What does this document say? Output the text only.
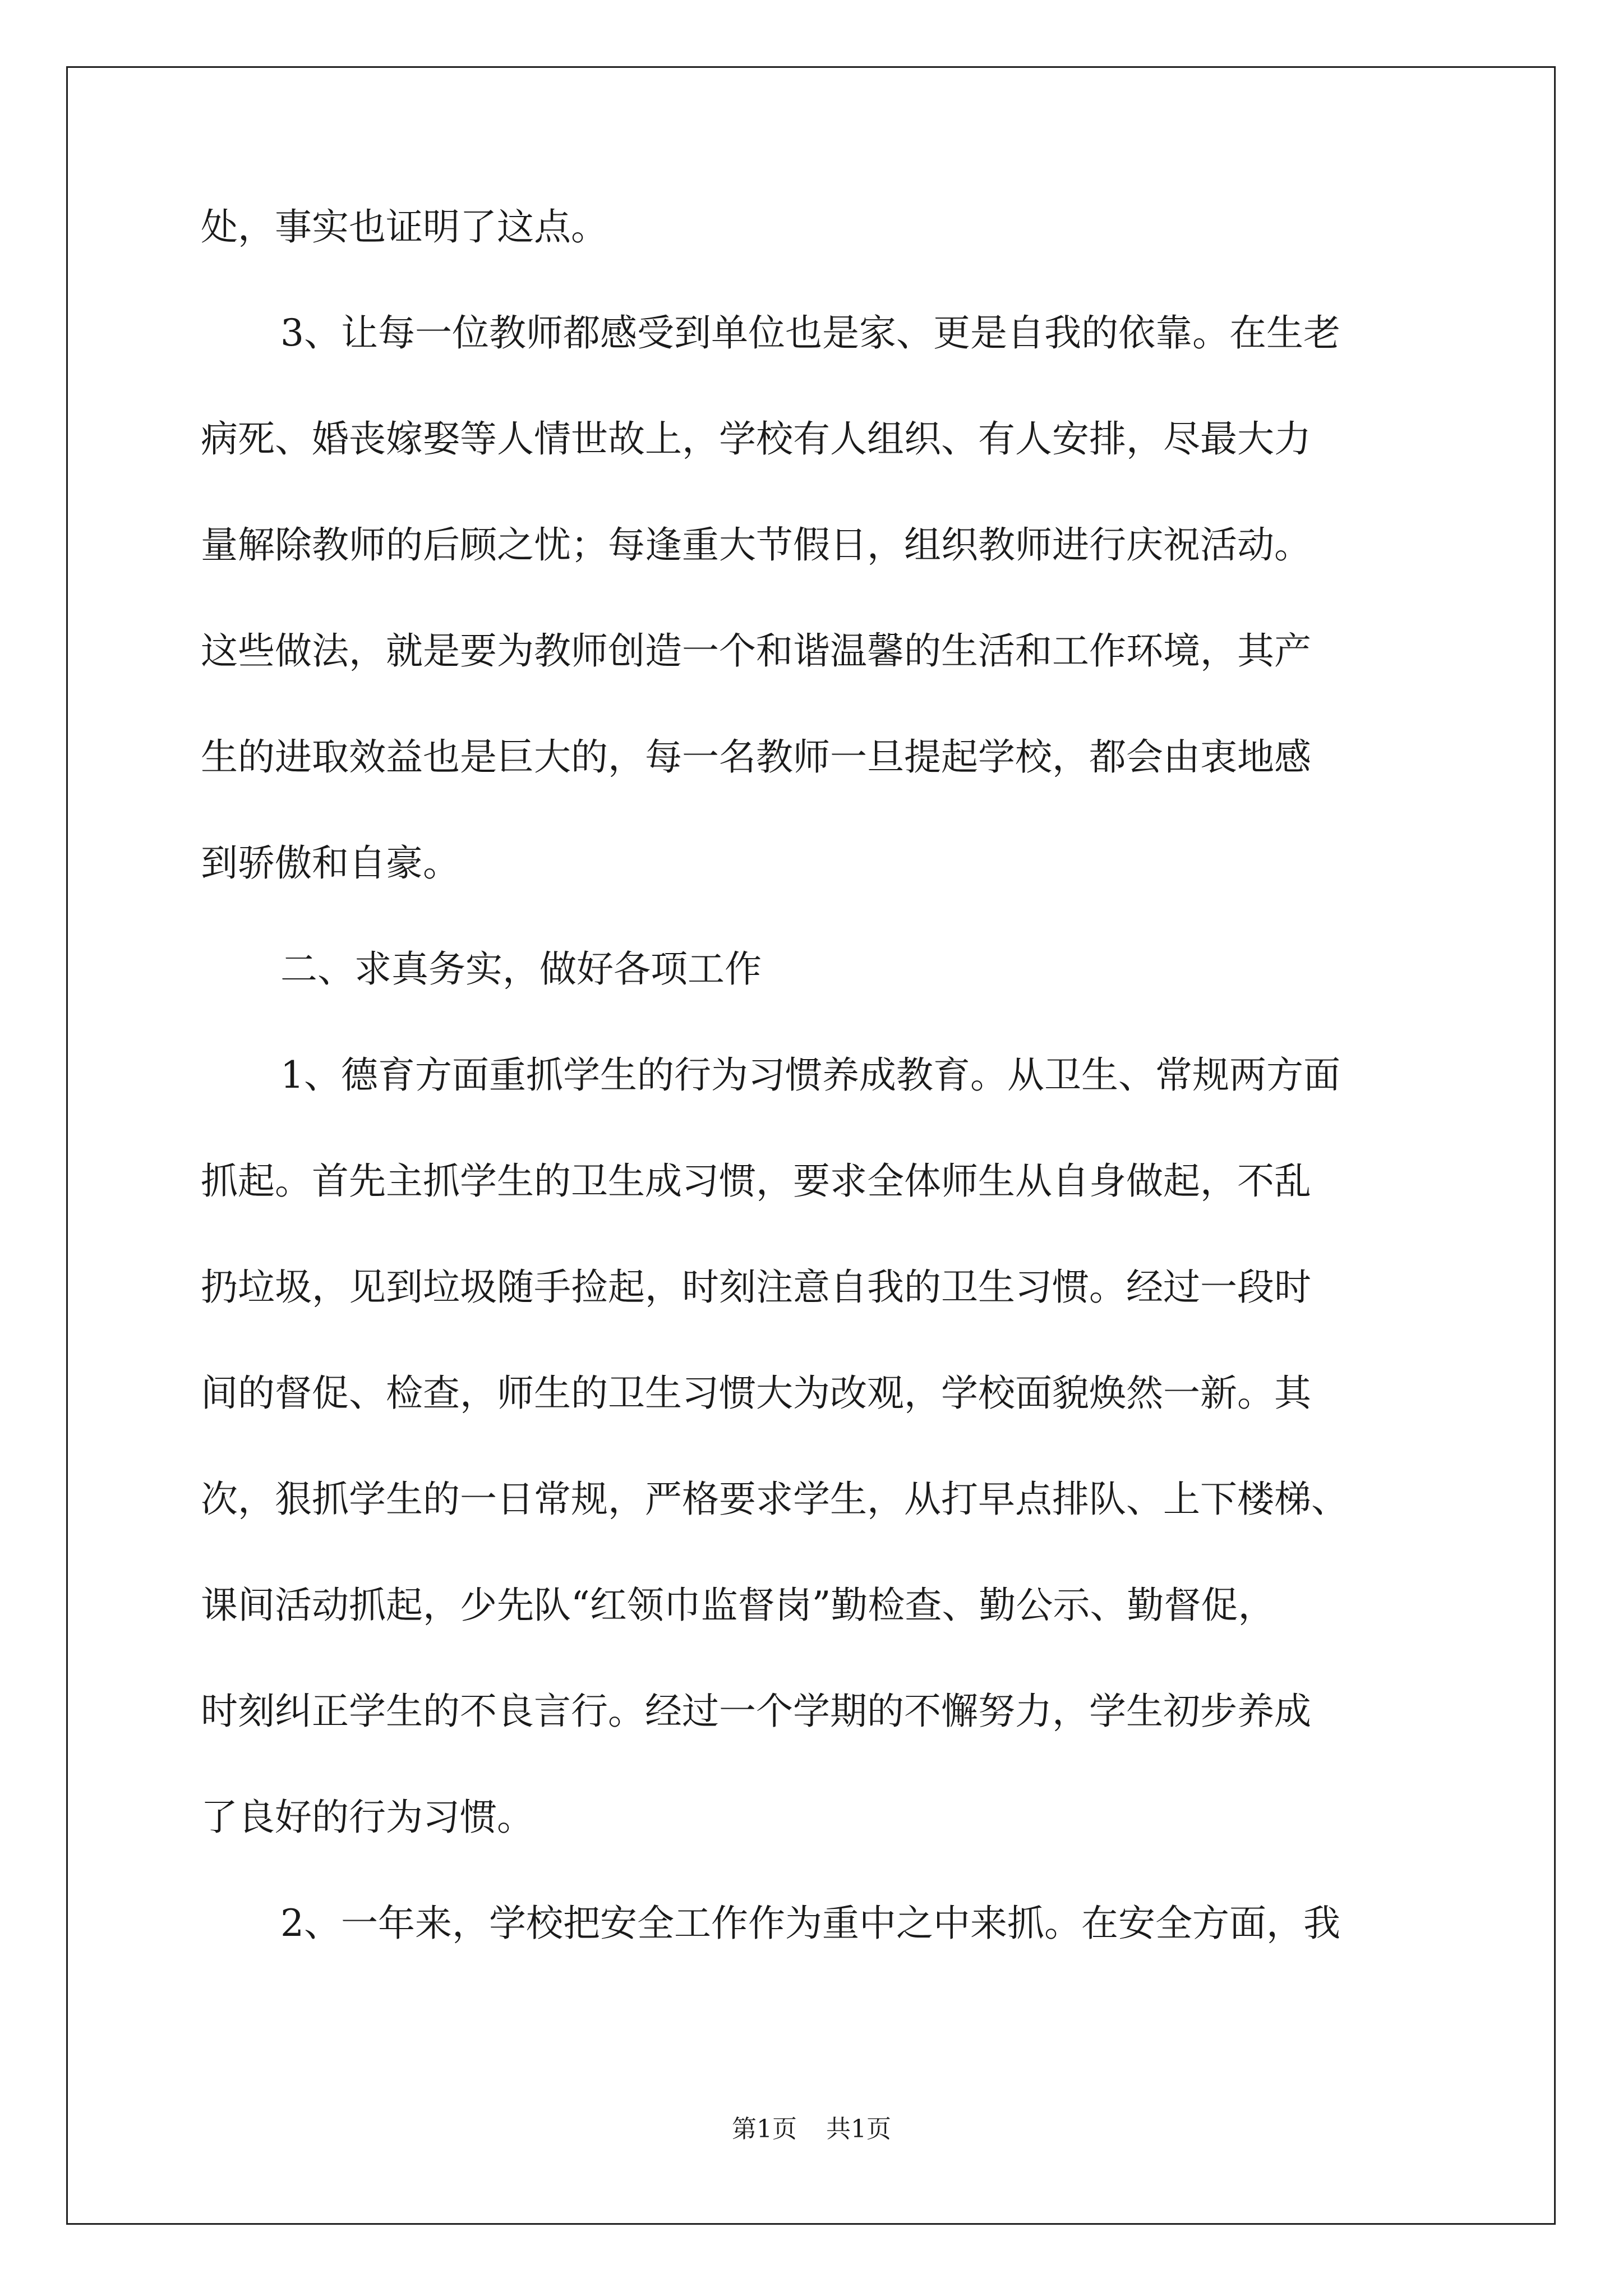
处，事实也证明了这点。

3、让每一位教师都感受到单位也是家、更是自我的依靠。在生老

病死、婚丧嫁娶等人情世故上，学校有人组织、有人安排，尽最大力

量解除教师的后顾之忧；每逢重大节假日，组织教师进行庆祝活动。

这些做法，就是要为教师创造一个和谐温馨的生活和工作环境，其产

生的进取效益也是巨大的，每一名教师一旦提起学校，都会由衷地感

到骄傲和自豪。

二、求真务实，做好各项工作

1、德育方面重抓学生的行为习惯养成教育。从卫生、常规两方面

抓起。首先主抓学生的卫生成习惯，要求全体师生从自身做起，不乱

扔垃圾，见到垃圾随手捡起，时刻注意自我的卫生习惯。经过一段时

间的督促、检查，师生的卫生习惯大为改观，学校面貌焕然一新。其

次，狠抓学生的一日常规，严格要求学生，从打早点排队、上下楼梯、

课间活动抓起，少先队“红领巾监督岗”勤检查、勤公示、勤督促，

时刻纠正学生的不良言行。经过一个学期的不懈努力，学生初步养成

了良好的行为习惯。

2、一年来，学校把安全工作作为重中之中来抓。在安全方面，我

第1页 共1页
